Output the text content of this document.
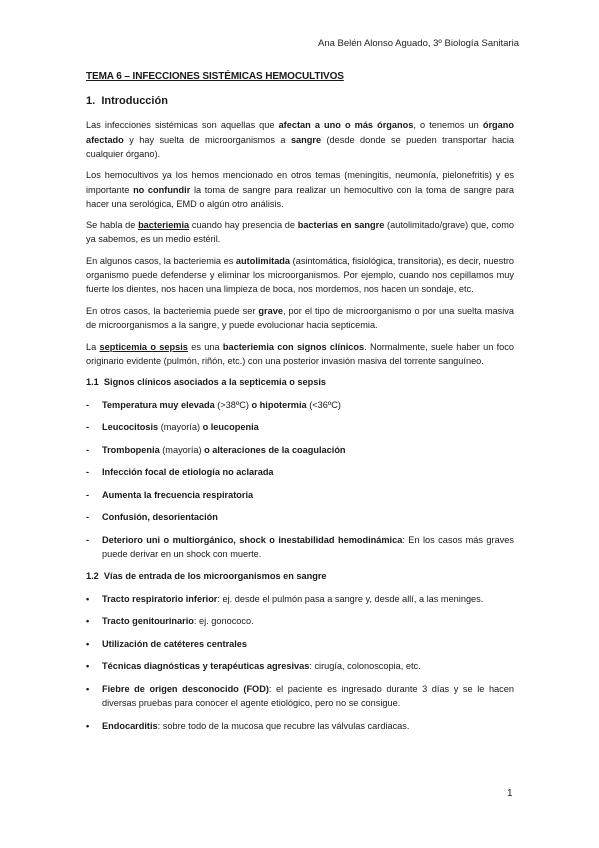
Ana Belén Alonso Aguado, 3º Biología Sanitaria
TEMA 6 – INFECCIONES SISTÉMICAS HEMOCULTIVOS
1. Introducción
Las infecciones sistémicas son aquellas que afectan a uno o más órganos, o tenemos un órgano afectado y hay suelta de microorganismos a sangre (desde donde se pueden transportar hacia cualquier órgano).
Los hemocultivos ya los hemos mencionado en otros temas (meningitis, neumonía, pielonefritis) y es importante no confundir la toma de sangre para realizar un hemocultivo con la toma de sangre para hacer una serológica, EMD o algún otro análisis.
Se habla de bacteriemia cuando hay presencia de bacterias en sangre (autolimitado/grave) que, como ya sabemos, es un medio estéril.
En algunos casos, la bacteriemia es autolimitada (asintomática, fisiológica, transitoria), es decir, nuestro organismo puede defenderse y eliminar los microorganismos. Por ejemplo, cuando nos cepillamos muy fuerte los dientes, nos hacen una limpieza de boca, nos mordemos, nos hacen un sondaje, etc.
En otros casos, la bacteriemia puede ser grave, por el tipo de microorganismo o por una suelta masiva de microorganismos a la sangre, y puede evolucionar hacia septicemia.
La septicemia o sepsis es una bacteriemia con signos clínicos. Normalmente, suele haber un foco originario evidente (pulmón, riñón, etc.) con una posterior invasión masiva del torrente sanguíneo.
1.1 Signos clínicos asociados a la septicemia o sepsis
-	Temperatura muy elevada (>38ºC) o hipotermia (<36ºC)
-	Leucocitosis (mayoría) o leucopenia
-	Trombopenia (mayoría) o alteraciones de la coagulación
-	Infección focal de etiología no aclarada
-	Aumenta la frecuencia respiratoria
-	Confusión, desorientación
-	Deterioro uni o multiorgánico, shock o inestabilidad hemodinámica: En los casos más graves puede derivar en un shock con muerte.
1.2 Vías de entrada de los microorganismos en sangre
•	Tracto respiratorio inferior: ej. desde el pulmón pasa a sangre y, desde allí, a las meninges.
•	Tracto genitourinario: ej. gonococo.
•	Utilización de catéteres centrales
•	Técnicas diagnósticas y terapéuticas agresivas: cirugía, colonoscopia, etc.
•	Fiebre de origen desconocido (FOD): el paciente es ingresado durante 3 días y se le hacen diversas pruebas para conocer el agente etiológico, pero no se consigue.
•	Endocarditis: sobre todo de la mucosa que recubre las válvulas cardiacas.
1
